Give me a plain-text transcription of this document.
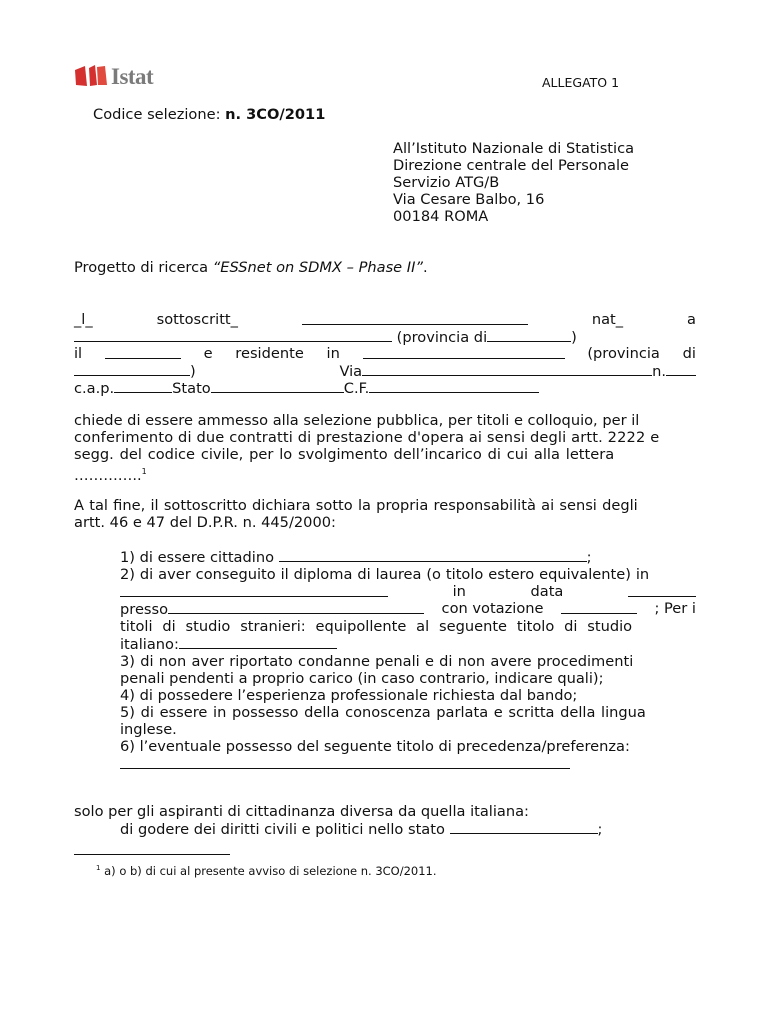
Istat	ALLEGATO 1
Codice selezione: n. 3CO/2011
All’Istituto Nazionale di Statistica
Direzione centrale del Personale
Servizio ATG/B
Via Cesare Balbo, 16
00184 ROMA
Progetto di ricerca “ESSnet on SDMX – Phase II”.
_l_	sottoscritt_	nat_	a
(provincia di	)
il	e residente in	(provincia di
)	Via	n.
c.a.p.	Stato	C.F.
chiede di essere ammesso alla selezione pubblica, per titoli e colloquio, per il
conferimento di due contratti di prestazione d'opera ai sensi degli artt. 2222 e
segg. del codice civile, per lo svolgimento dell’incarico di cui alla lettera
…………..$^1$
A tal fine, il sottoscritto dichiara sotto la propria responsabilità ai sensi degli
artt. 46 e 47 del D.P.R. n. 445/2000:
1) di essere cittadino	;
2) di aver conseguito il diploma di laurea (o titolo estero equivalente) in
in	data
presso	con votazione	; Per i
titoli di studio stranieri: equipollente al seguente titolo di studio
italiano:
3) di non aver riportato condanne penali e di non avere procedimenti
penali pendenti a proprio carico (in caso contrario, indicare quali);
4) di possedere l’esperienza professionale richiesta dal bando;
5) di essere in possesso della conoscenza parlata e scritta della lingua
inglese.
6) l’eventuale possesso del seguente titolo di precedenza/preferenza:
solo per gli aspiranti di cittadinanza diversa da quella italiana:
di godere dei diritti civili e politici nello stato	;
$^1$ a) o b) di cui al presente avviso di selezione n. 3CO/2011.
